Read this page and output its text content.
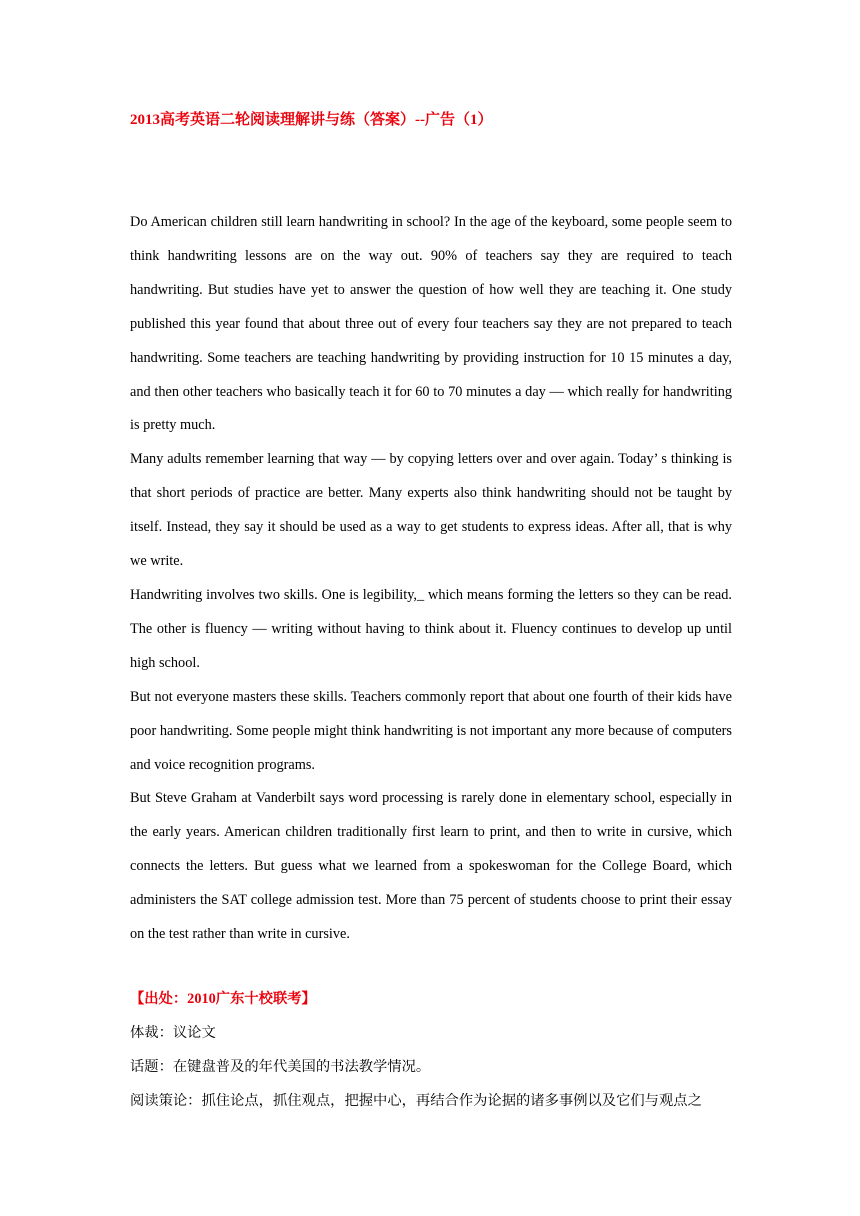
2013高考英语二轮阅读理解讲与练（答案）--广告（1）

Do American children still learn handwriting in school? In the age of the keyboard, some people seem to think handwriting lessons are on the way out. 90% of teachers say they are required to teach handwriting. But studies have yet to answer the question of how well they are teaching it. One study published this year found that about three out of every four teachers say they are not prepared to teach handwriting. Some teachers are teaching handwriting by providing instruction for 10 15 minutes a day, and then other teachers who basically teach it for 60 to 70 minutes a day — which really for handwriting is pretty much.

Many adults remember learning that way — by copying letters over and over again. Today’ s thinking is that short periods of practice are better. Many experts also think handwriting should not be taught by itself. Instead, they say it should be used as a way to get students to express ideas. After all, that is why we write.

Handwriting involves two skills. One is legibility,_ which means forming the letters so they can be read. The other is fluency — writing without having to think about it. Fluency continues to develop up until high school.

But not everyone masters these skills. Teachers commonly report that about one fourth of their kids have poor handwriting. Some people might think handwriting is not important any more because of computers and voice recognition programs.

But Steve Graham at Vanderbilt says word processing is rarely done in elementary school, especially in the early years. American children traditionally first learn to print, and then to write in cursive, which connects the letters. But guess what we learned from a spokeswoman for the College Board, which administers the SAT college admission test. More than 75 percent of students choose to print their essay on the test rather than write in cursive.

【出处：2010广东十校联考】

体裁：议论文

话题：在键盘普及的年代美国的书法教学情况。

阅读策论：抓住论点，抓住观点，把握中心，再结合作为论据的诸多事例以及它们与观点之
